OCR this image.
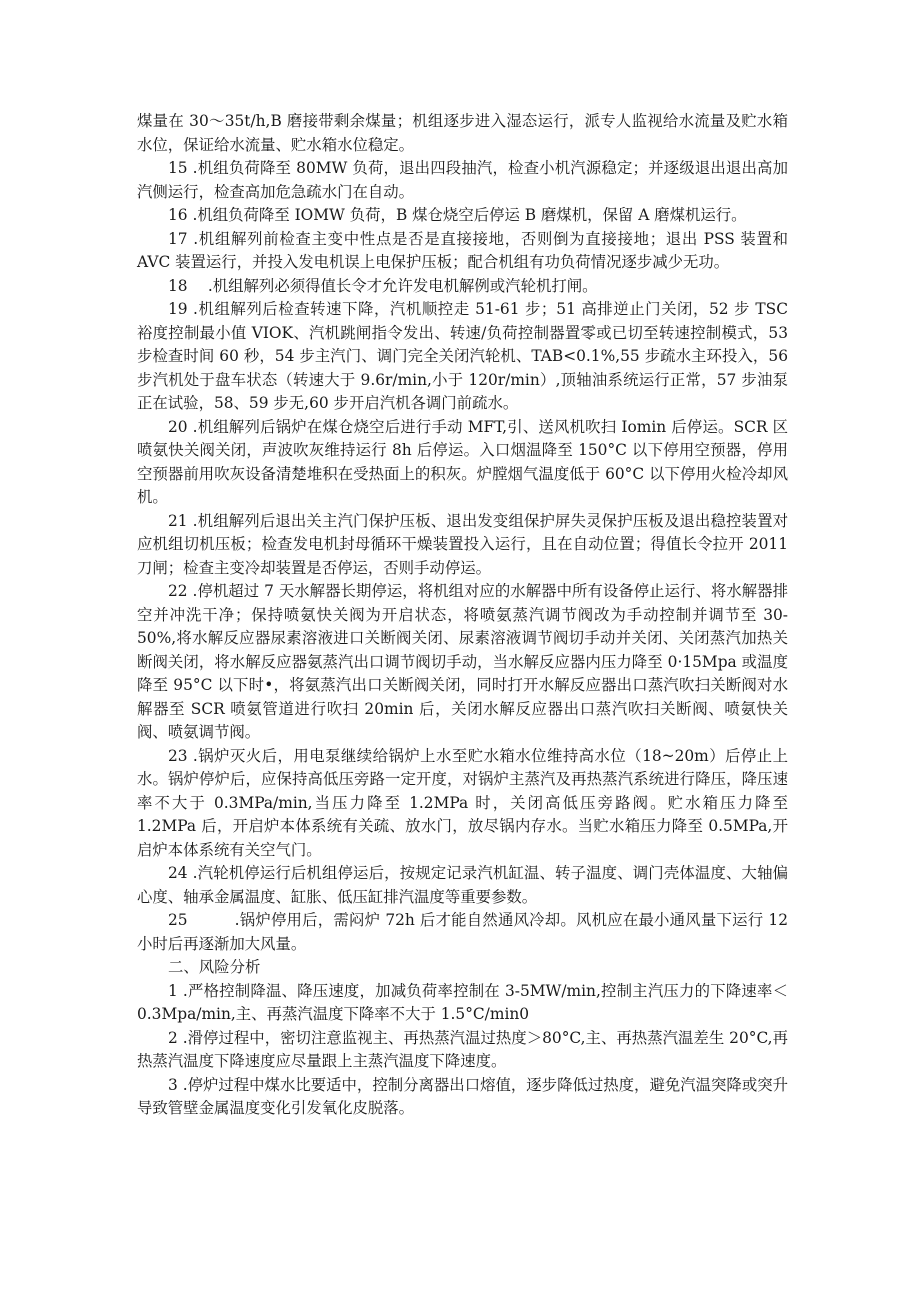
煤量在 30～35t/h,B 磨接带剩余煤量；机组逐步进入湿态运行，派专人监视给水流量及贮水箱水位，保证给水流量、贮水箱水位稳定。

15 .机组负荷降至 80MW 负荷，退出四段抽汽，检查小机汽源稳定；并逐级退出退出高加汽侧运行，检查高加危急疏水门在自动。

16 .机组负荷降至 IOMW 负荷，B 煤仓烧空后停运 B 磨煤机，保留 A 磨煤机运行。

17 .机组解列前检查主变中性点是否是直接接地，否则倒为直接接地；退出 PSS 装置和 AVC 装置运行，并投入发电机误上电保护压板；配合机组有功负荷情况逐步减少无功。

18　 .机组解列必须得值长令才允许发电机解例或汽轮机打闸。

19 .机组解列后检查转速下降，汽机顺控走 51-61 步；51 高排逆止门关闭，52 步 TSC 裕度控制最小值 VIOK、汽机跳闸指令发出、转速/负荷控制器置零或已切至转速控制模式，53 步检查时间 60 秒，54 步主汽门、调门完全关闭汽轮机、TAB<0.1%,55 步疏水主环投入，56 步汽机处于盘车状态（转速大于 9.6r/min,小于 120r/min）,顶轴油系统运行正常，57 步油泵正在试验，58、59 步无,60 步开启汽机各调门前疏水。

20 .机组解列后锅炉在煤仓烧空后进行手动 MFT,引、送风机吹扫 Iomin 后停运。SCR 区喷氨快关阀关闭，声波吹灰维持运行 8h 后停运。入口烟温降至 150°C 以下停用空预器，停用空预器前用吹灰设备清楚堆积在受热面上的积灰。炉膛烟气温度低于 60°C 以下停用火检冷却风机。

21 .机组解列后退出关主汽门保护压板、退出发变组保护屏失灵保护压板及退出稳控装置对应机组切机压板；检查发电机封母循环干燥装置投入运行，且在自动位置；得值长令拉开 2011 刀闸；检查主变冷却装置是否停运，否则手动停运。

22 .停机超过 7 天水解器长期停运，将机组对应的水解器中所有设备停止运行、将水解器排空并冲洗干净；保持喷氨快关阀为开启状态，将喷氨蒸汽调节阀改为手动控制并调节至 30-50%,将水解反应器尿素溶液进口关断阀关闭、尿素溶液调节阀切手动并关闭、关闭蒸汽加热关断阀关闭，将水解反应器氨蒸汽出口调节阀切手动，当水解反应器内压力降至 0·15Mpa 或温度降至 95°C 以下时•，将氨蒸汽出口关断阀关闭，同时打开水解反应器出口蒸汽吹扫关断阀对水解器至 SCR 喷氨管道进行吹扫 20min 后，关闭水解反应器出口蒸汽吹扫关断阀、喷氨快关阀、喷氨调节阀。

23 .锅炉灭火后，用电泵继续给锅炉上水至贮水箱水位维持高水位（18~20m）后停止上水。锅炉停炉后，应保持高低压旁路一定开度，对锅炉主蒸汽及再热蒸汽系统进行降压，降压速率不大于 0.3MPa/min,当压力降至 1.2MPa 时，关闭高低压旁路阀。贮水箱压力降至 1.2MPa 后，开启炉本体系统有关疏、放水门，放尽锅内存水。当贮水箱压力降至 0.5MPa,开启炉本体系统有关空气门。

24 .汽轮机停运行后机组停运后，按规定记录汽机缸温、转子温度、调门壳体温度、大轴偏心度、轴承金属温度、缸胀、低压缸排汽温度等重要参数。

25　　　.锅炉停用后，需闷炉 72h 后才能自然通风冷却。风机应在最小通风量下运行 12 小时后再逐渐加大风量。

二、风险分析

1 .严格控制降温、降压速度，加减负荷率控制在 3-5MW/min,控制主汽压力的下降速率＜0.3Mpa/min,主、再蒸汽温度下降率不大于 1.5°C/min0

2 .滑停过程中，密切注意监视主、再热蒸汽温过热度＞80°C,主、再热蒸汽温差生 20°C,再热蒸汽温度下降速度应尽量跟上主蒸汽温度下降速度。

3 .停炉过程中煤水比要适中，控制分离器出口熔值，逐步降低过热度，避免汽温突降或突升导致管壁金属温度变化引发氧化皮脱落。
